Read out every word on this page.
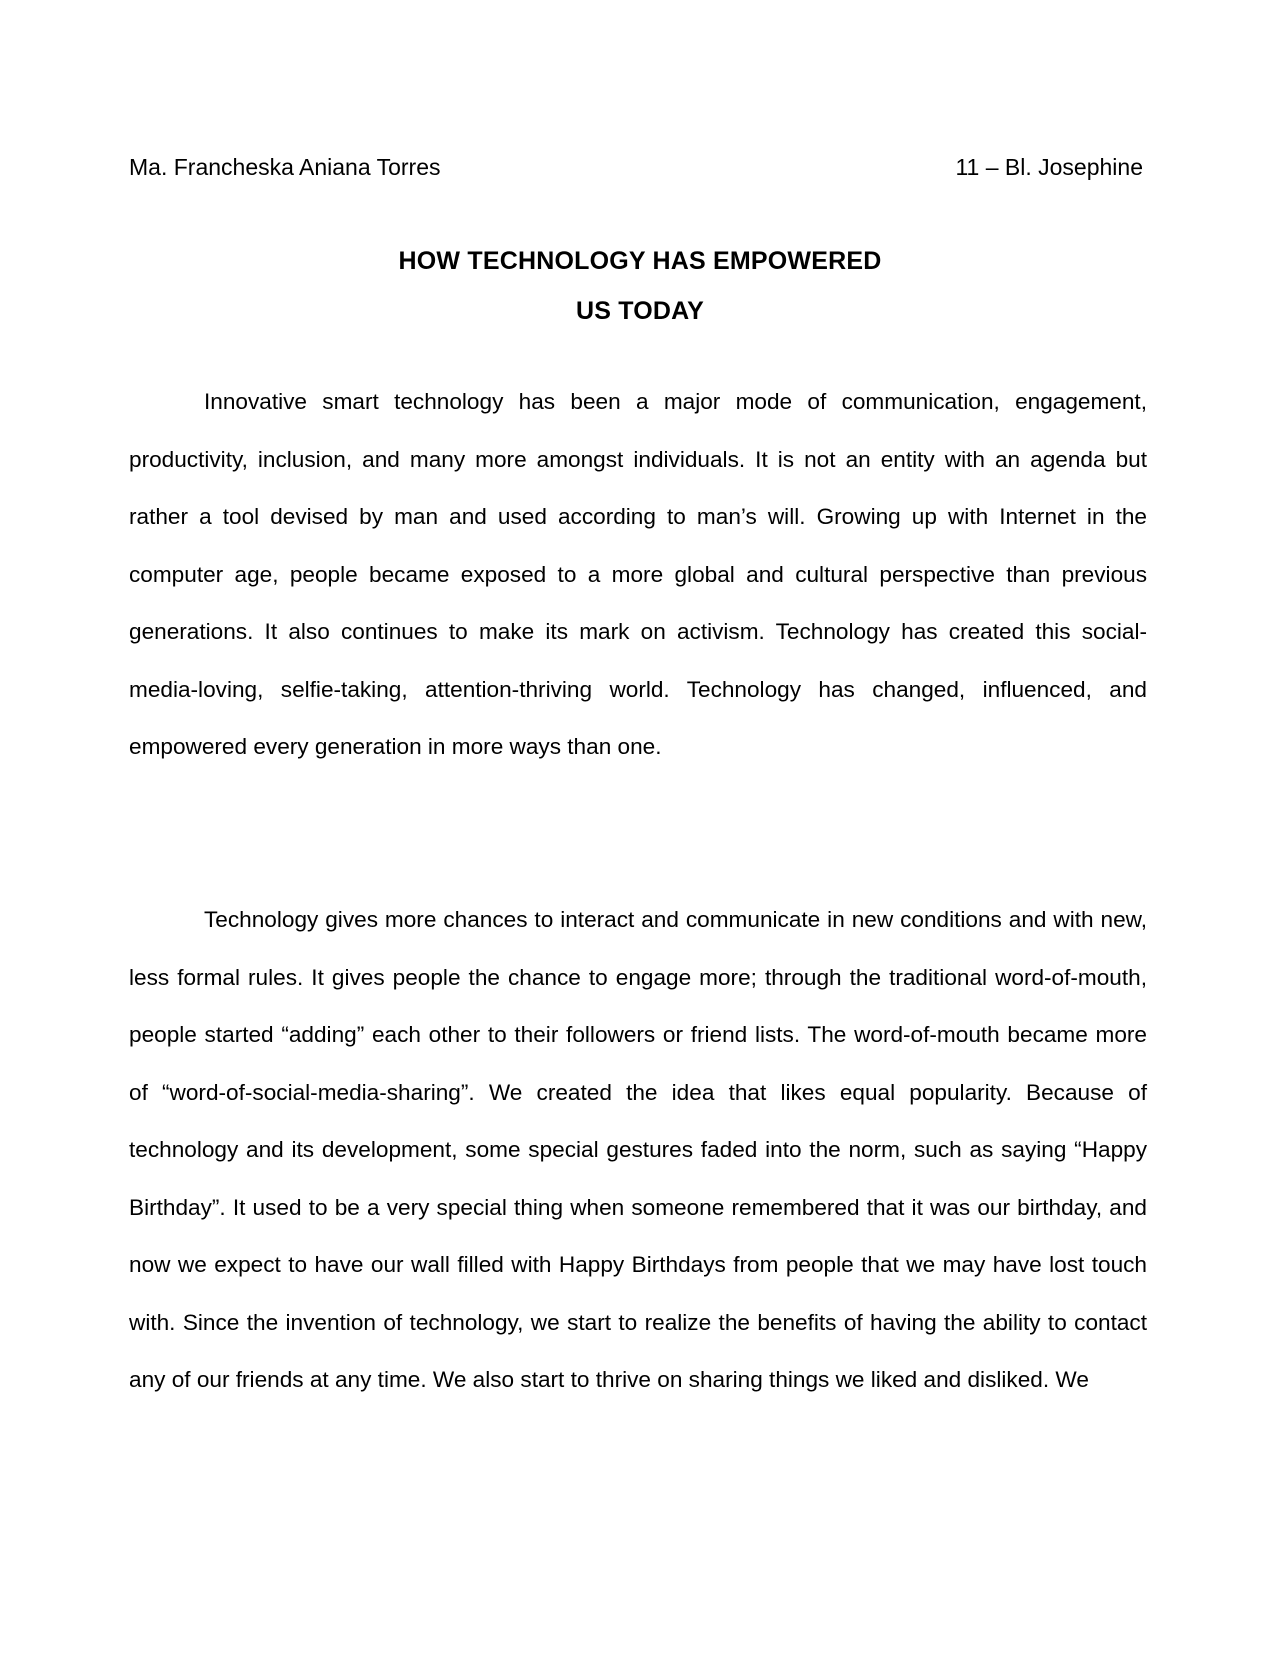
Ma. Francheska Aniana Torres	11 – Bl. Josephine
HOW TECHNOLOGY HAS EMPOWERED
US TODAY

Innovative smart technology has been a major mode of communication, engagement, productivity, inclusion, and many more amongst individuals. It is not an entity with an agenda but rather a tool devised by man and used according to man’s will. Growing up with Internet in the computer age, people became exposed to a more global and cultural perspective than previous generations. It also continues to make its mark on activism. Technology has created this social-media-loving, selfie-taking, attention-thriving world. Technology has changed, influenced, and empowered every generation in more ways than one.

Technology gives more chances to interact and communicate in new conditions and with new, less formal rules. It gives people the chance to engage more; through the traditional word-of-mouth, people started “adding” each other to their followers or friend lists. The word-of-mouth became more of “word-of-social-media-sharing”. We created the idea that likes equal popularity. Because of technology and its development, some special gestures faded into the norm, such as saying “Happy Birthday”. It used to be a very special thing when someone remembered that it was our birthday, and now we expect to have our wall filled with Happy Birthdays from people that we may have lost touch with. Since the invention of technology, we start to realize the benefits of having the ability to contact any of our friends at any time. We also start to thrive on sharing things we liked and disliked. We
